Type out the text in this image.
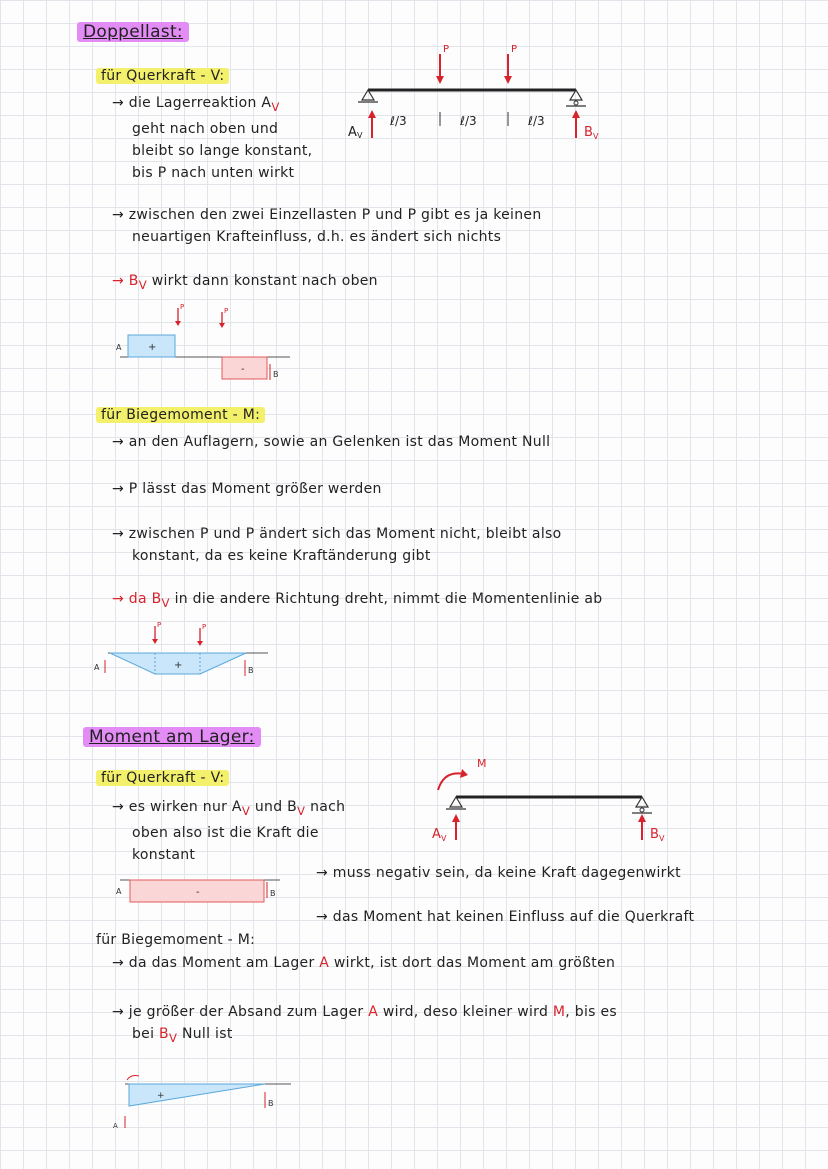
Doppellast:
für Querkraft - V:
→ die Lagerreaktion $A_V$
geht nach oben und
bleibt so lange konstant,
bis P nach unten wirkt
P	P
ℓ/3	ℓ/3	ℓ/3
A V	B V
→ zwischen den zwei Einzellasten P und P gibt es ja keinen
neuartigen Krafteinfluss, d.h. es ändert sich nichts
→ $B_V$ wirkt dann konstant nach oben
+
-
P	P
A
B
für Biegemoment - M:
→ an den Auflagern, sowie an Gelenken ist das Moment Null
→ P lässt das Moment größer werden
→ zwischen P und P ändert sich das Moment nicht, bleibt also
konstant, da es keine Kraftänderung gibt
→ da $B_V$ in die andere Richtung dreht, nimmt die Momentenlinie ab
+
P	P
A	B
Moment am Lager:
für Querkraft - V:
→ es wirken nur $A_V$ und $B_V$ nach
oben also ist die Kraft die
konstant
M
A V	B V
-
A	B
→ muss negativ sein, da keine Kraft dagegenwirkt
→ das Moment hat keinen Einfluss auf die Querkraft
für Biegemoment - M:
→ da das Moment am Lager A wirkt, ist dort das Moment am größten
→ je größer der Absand zum Lager A wird, deso kleiner wird M, bis es
bei $B_V$ Null ist
+
A
B
